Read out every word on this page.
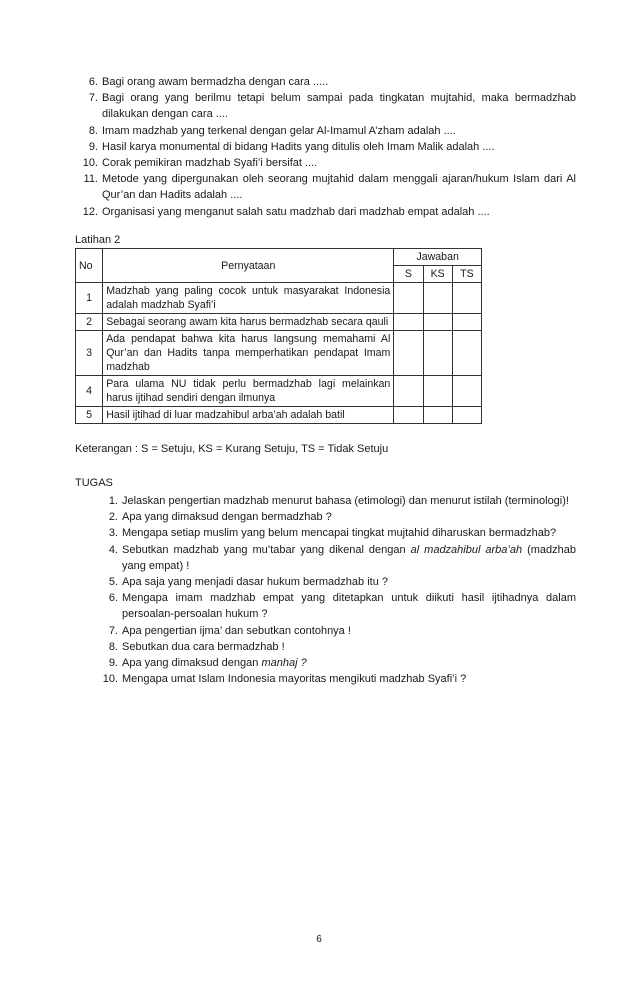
6. Bagi orang awam bermadzha dengan cara .....
7. Bagi orang yang berilmu tetapi belum sampai pada tingkatan mujtahid, maka bermadzhab dilakukan dengan cara ....
8. Imam madzhab yang terkenal dengan gelar Al-Imamul A’zham adalah ....
9. Hasil karya monumental di bidang Hadits yang ditulis oleh Imam Malik adalah ....
10. Corak pemikiran madzhab Syafi’i bersifat ....
11. Metode yang dipergunakan oleh seorang mujtahid dalam menggali ajaran/hukum Islam dari Al Qur’an dan Hadits adalah ....
12. Organisasi yang menganut salah satu madzhab dari madzhab empat adalah ....
Latihan 2
No	Pernyataan	Jawaban		
		S	KS	TS
1	Madzhab yang paling cocok untuk masyarakat Indonesia adalah madzhab Syafi’i			
2	Sebagai seorang awam kita harus bermadzhab secara qauli			
3	Ada pendapat bahwa kita harus langsung memahami Al Qur’an dan Hadits tanpa memperhatikan pendapat Imam madzhab			
4	Para ulama NU tidak perlu bermadzhab lagi melainkan harus ijtihad sendiri dengan ilmunya			
5	Hasil ijtihad di luar madzahibul arba’ah adalah batil			
Keterangan : S = Setuju, KS = Kurang Setuju, TS = Tidak Setuju
TUGAS
1. Jelaskan pengertian madzhab menurut bahasa (etimologi) dan menurut istilah (terminologi)!
2. Apa yang dimaksud dengan bermadzhab ?
3. Mengapa setiap muslim yang belum mencapai tingkat mujtahid diharuskan bermadzhab?
4. Sebutkan madzhab yang mu’tabar yang dikenal dengan al madzahibul arba’ah (madzhab yang empat) !
5. Apa saja yang menjadi dasar hukum bermadzhab itu ?
6. Mengapa imam madzhab empat yang ditetapkan untuk diikuti hasil ijtihadnya dalam persoalan-persoalan hukum ?
7. Apa pengertian ijma’ dan sebutkan contohnya !
8. Sebutkan dua cara bermadzhab !
9. Apa yang dimaksud dengan manhaj ?
10. Mengapa umat Islam Indonesia mayoritas mengikuti madzhab Syafi’i ?
6
